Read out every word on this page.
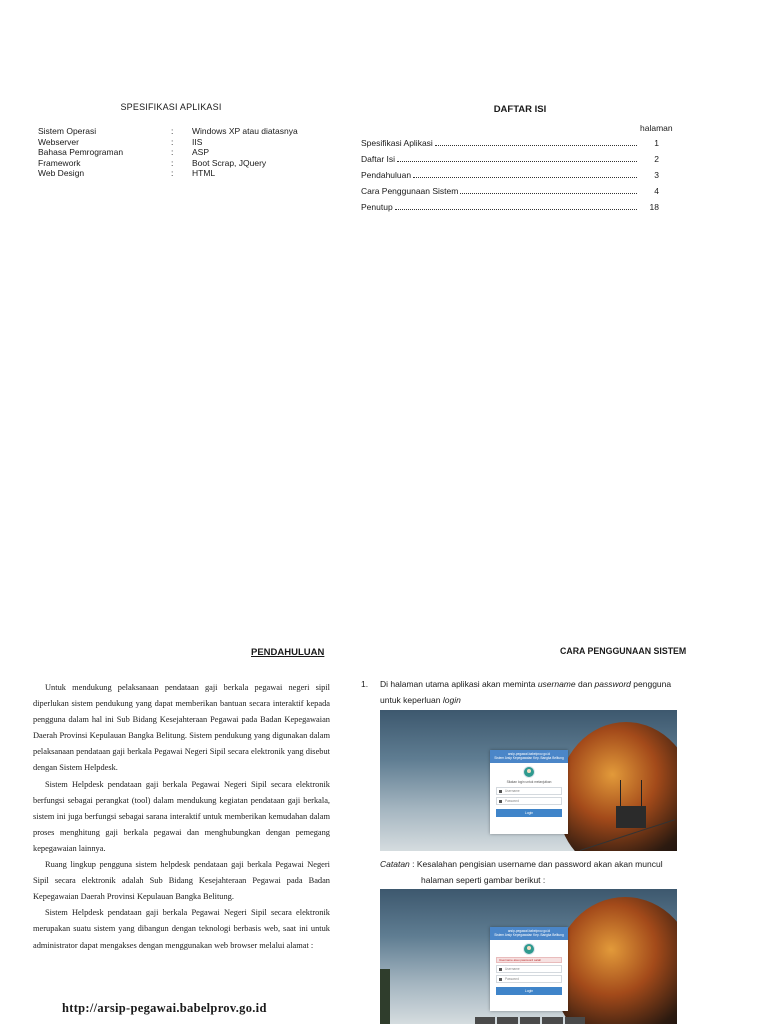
SPESIFIKASI APLIKASI
Sistem Operasi	:	Windows XP atau diatasnya
Webserver	:	IIS
Bahasa Pemrograman	:	ASP
Framework	:	Boot Scrap, JQuery
Web Design	:	HTML
DAFTAR ISI
halaman
Spesifikasi Aplikasi	1
Daftar Isi	2
Pendahuluan	3
Cara Penggunaan Sistem	4
Penutup	18
PENDAHULUAN

Untuk mendukung pelaksanaan pendataan gaji berkala pegawai negeri sipil diperlukan sistem pendukung yang dapat memberikan bantuan secara interaktif kepada pengguna dalam hal ini Sub Bidang Kesejahteraan Pegawai pada Badan Kepegawaian Daerah Provinsi Kepulauan Bangka Belitung. Sistem pendukung yang digunakan dalam pelaksanaan pendataan gaji berkala Pegawai Negeri Sipil secara elektronik yang disebut dengan Sistem Helpdesk.

Sistem Helpdesk pendataan gaji berkala Pegawai Negeri Sipil secara elektronik berfungsi sebagai perangkat (tool) dalam mendukung kegiatan pendataan gaji berkala, sistem ini juga berfungsi sebagai sarana interaktif untuk memberikan kemudahan dalam proses menghitung gaji berkala pegawai dan menghubungkan dengan pemegang kepegawaian lainnya.

Ruang lingkup pengguna sistem helpdesk pendataan gaji berkala Pegawai Negeri Sipil secara elektronik adalah Sub Bidang Kesejahteraan Pegawai pada Badan Kepegawaian Daerah Provinsi Kepulauan Bangka Belitung.

Sistem Helpdesk pendataan gaji berkala Pegawai Negeri Sipil secara elektronik merupakan suatu sistem yang dibangun dengan teknologi berbasis web, saat ini untuk administrator dapat mengakses dengan menggunakan web browser melalui alamat :

http://arsip-pegawai.babelprov.go.id
CARA PENGGUNAAN SISTEM
1. Di halaman utama aplikasi akan meminta username dan password pengguna
untuk keperluan login
arsip-pegawai.babelprov.go.id
Sistem Arsip Kepegawaian Kep. Bangka Belitung
Silakan login untuk melanjutkan
Username
Password
Login
Catatan : Kesalahan pengisian username dan password akan akan muncul
halaman seperti gambar berikut :
arsip-pegawai.babelprov.go.id
Sistem Arsip Kepegawaian Kep. Bangka Belitung
Username atau password salah
Username
Password
Login
